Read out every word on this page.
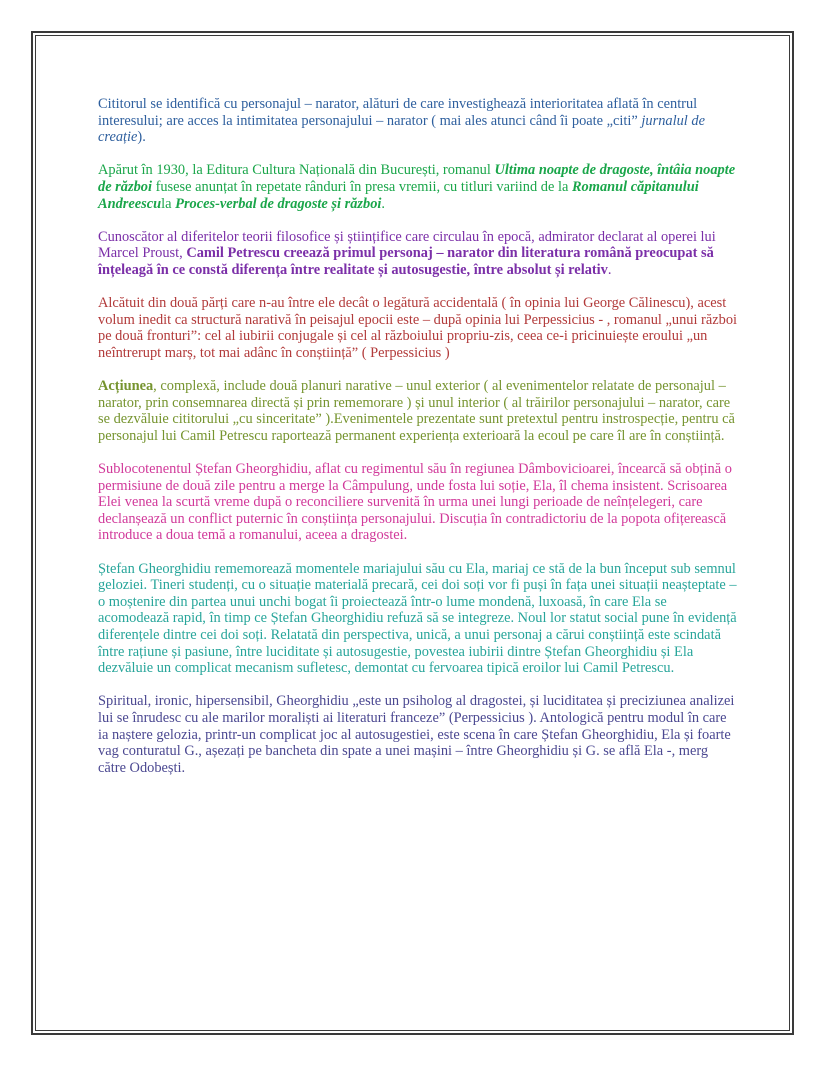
Cititorul se identifică cu personajul – narator, alături de care investighează interioritatea aflată în centrul interesului; are acces la intimitatea personajului – narator ( mai ales atunci când îi poate „citi” jurnalul de creație).

Apărut în 1930, la Editura Cultura Națională din București, romanul Ultima noapte de dragoste, întâia noapte de război fusese anunțat în repetate rânduri în presa vremii, cu titluri variind de la Romanul căpitanului Andreescula Proces-verbal de dragoste și război.

Cunoscător al diferitelor teorii filosofice și științifice care circulau în epocă, admirator declarat al operei lui Marcel Proust, Camil Petrescu creează primul personaj – narator din literatura română preocupat să înțeleagă în ce constă diferența între realitate și autosugestie, între absolut și relativ.

Alcătuit din două părți care n-au între ele decât o legătură accidentală ( în opinia lui George Călinescu), acest volum inedit ca structură narativă în peisajul epocii este – după opinia lui Perpessicius - , romanul „unui război pe două fronturi”: cel al iubirii conjugale și cel al războiului propriu-zis, ceea ce-i pricinuiește eroului „un neîntrerupt marș, tot mai adânc în conștiință” ( Perpessicius )

Acțiunea, complexă, include două planuri narative – unul exterior ( al evenimentelor relatate de personajul – narator, prin consemnarea directă și prin rememorare ) și unul interior ( al trăirilor personajului – narator, care se dezvăluie cititorului „cu sinceritate” ).Evenimentele prezentate sunt pretextul pentru instrospecție, pentru că personajul lui Camil Petrescu raportează permanent experiența exterioară la ecoul pe care îl are în conștiință.

Sublocotenentul Ștefan Gheorghidiu, aflat cu regimentul său în regiunea Dâmbovicioarei, încearcă să obțină o permisiune de două zile pentru a merge la Câmpulung, unde fosta lui soție, Ela, îl chema insistent. Scrisoarea Elei venea la scurtă vreme după o reconciliere survenită în urma unei lungi perioade de neînțelegeri, care declanșează un conflict puternic în conștiința personajului. Discuția în contradictoriu de la popota ofițerească introduce a doua temă a romanului, aceea a dragostei.

Ștefan Gheorghidiu rememorează momentele mariajului său cu Ela, mariaj ce stă de la bun început sub semnul geloziei. Tineri studenți, cu o situație materială precară, cei doi soți vor fi puși în fața unei situații neașteptate – o moștenire din partea unui unchi bogat îi proiectează într-o lume mondenă, luxoasă, în care Ela se acomodează rapid, în timp ce Ștefan Gheorghidiu refuză să se integreze. Noul lor statut social pune în evidență diferențele dintre cei doi soți. Relatată din perspectiva, unică, a unui personaj a cărui conștiință este scindată între rațiune și pasiune, între luciditate și autosugestie, povestea iubirii dintre Ștefan Gheorghidiu și Ela dezvăluie un complicat mecanism sufletesc, demontat cu fervoarea tipică eroilor lui Camil Petrescu.

Spiritual, ironic, hipersensibil, Gheorghidiu „este un psiholog al dragostei, și luciditatea și preciziunea analizei lui se înrudesc cu ale marilor moraliști ai literaturi franceze” (Perpessicius ). Antologică pentru modul în care ia naștere gelozia, printr-un complicat joc al autosugestiei, este scena în care Ștefan Gheorghidiu, Ela și foarte vag conturatul G., așezați pe bancheta din spate a unei mașini – între Gheorghidiu și G. se află Ela -, merg către Odobești.
